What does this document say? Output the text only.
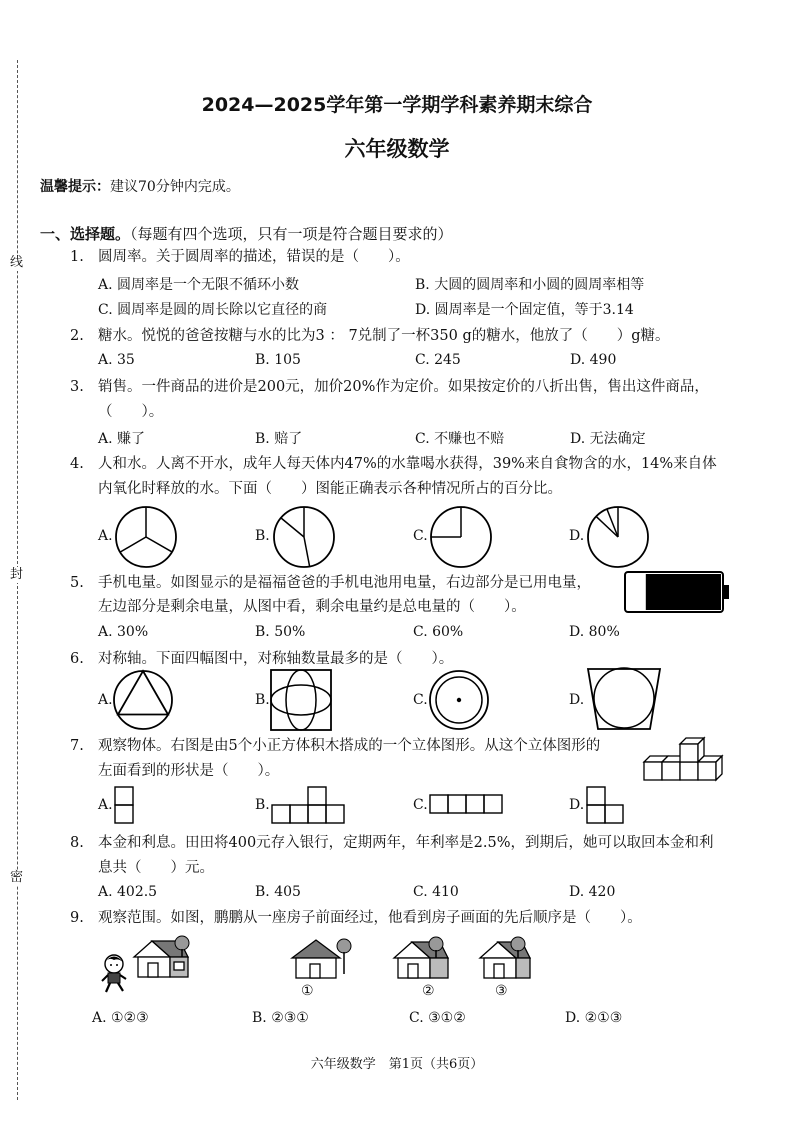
线
封
密
2024—2025学年第一学期学科素养期末综合
六年级数学
温馨提示：建议70分钟内完成。
一、选择题。（每题有四个选项，只有一项是符合题目要求的）
1. 圆周率。关于圆周率的描述，错误的是（　　）。
A. 圆周率是一个无限不循环小数	B. 大圆的圆周率和小圆的圆周率相等
C. 圆周率是圆的周长除以它直径的商	D. 圆周率是一个固定值，等于3.14
2. 糖水。悦悦的爸爸按糖与水的比为3 ： 7兑制了一杯350 g的糖水，他放了（　　）g糖。
A. 35	B. 105	C. 245	D. 490
3. 销售。一件商品的进价是200元，加价20%作为定价。如果按定价的八折出售，售出这件商品，
（　　）。
A. 赚了	B. 赔了	C. 不赚也不赔	D. 无法确定
4. 人和水。人离不开水，成年人每天体内47%的水靠喝水获得，39%来自食物含的水，14%来自体
内氧化时释放的水。下面（　　）图能正确表示各种情况所占的百分比。
A.	B.	C.	D.
5. 手机电量。如图显示的是福福爸爸的手机电池用电量，右边部分是已用电量，
左边部分是剩余电量，从图中看，剩余电量约是总电量的（　　）。
A. 30%	B. 50%	C. 60%	D. 80%
6. 对称轴。下面四幅图中，对称轴数量最多的是（　　）。
A.	B.	C.	D.
7. 观察物体。右图是由5个小正方体积木搭成的一个立体图形。从这个立体图形的
左面看到的形状是（　　）。
A.	B.	C.	D.
8. 本金和利息。田田将400元存入银行，定期两年，年利率是2.5%，到期后，她可以取回本金和利
息共（　　）元。
A. 402.5	B. 405	C. 410	D. 420
9. 观察范围。如图，鹏鹏从一座房子前面经过，他看到房子画面的先后顺序是（　　）。
①	②	③
A. ①②③	B. ②③①	C. ③①②	D. ②①③
六年级数学　第1页（共6页）
